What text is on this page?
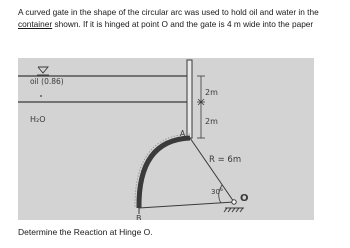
A curved gate in the shape of the circular arc was used to hold oil and water in the
container shown. If it is hinged at point O and the gate is 4 m wide into the paper

2m
2m
oil (0.86)
H₂O
A
B
O
R = 6m
30°

Determine the Reaction at Hinge O.
